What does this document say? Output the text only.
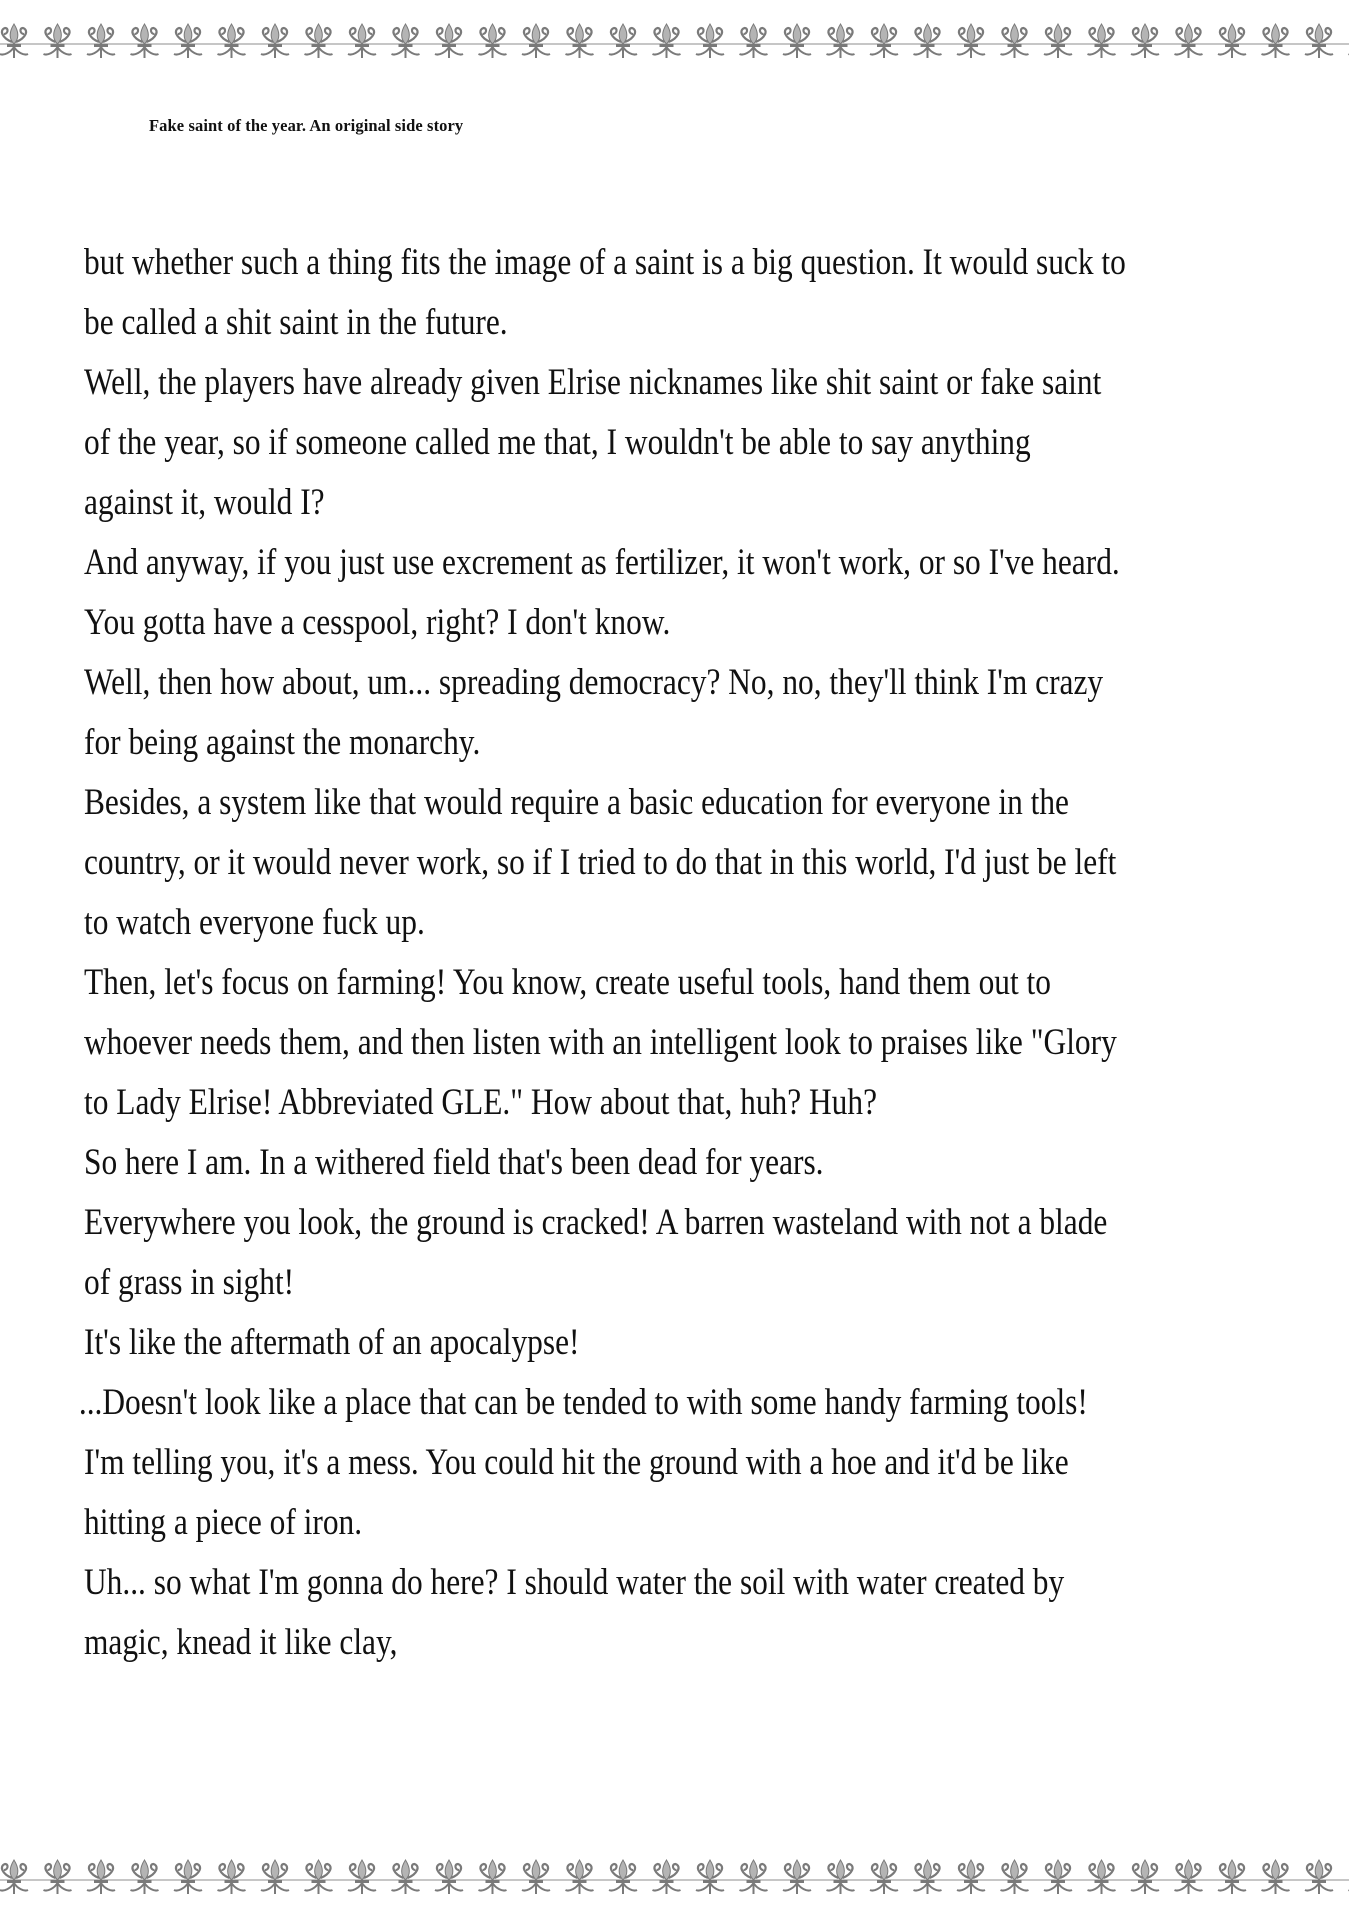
Fake saint of the year. An original side story
but whether such a thing fits the image of a saint is a big question. It would suck to
be called a shit saint in the future.
Well, the players have already given Elrise nicknames like shit saint or fake saint
of the year, so if someone called me that, I wouldn't be able to say anything
against it, would I?
And anyway, if you just use excrement as fertilizer, it won't work, or so I've heard.
You gotta have a cesspool, right? I don't know.
Well, then how about, um... spreading democracy? No, no, they'll think I'm crazy
for being against the monarchy.
Besides, a system like that would require a basic education for everyone in the
country, or it would never work, so if I tried to do that in this world, I'd just be left
to watch everyone fuck up.
Then, let's focus on farming! You know, create useful tools, hand them out to
whoever needs them, and then listen with an intelligent look to praises like "Glory
to Lady Elrise! Abbreviated GLE." How about that, huh? Huh?
So here I am. In a withered field that's been dead for years.
Everywhere you look, the ground is cracked! A barren wasteland with not a blade
of grass in sight!
It's like the aftermath of an apocalypse!
...Doesn't look like a place that can be tended to with some handy farming tools!
I'm telling you, it's a mess. You could hit the ground with a hoe and it'd be like
hitting a piece of iron.
Uh... so what I'm gonna do here? I should water the soil with water created by
magic, knead it like clay,
